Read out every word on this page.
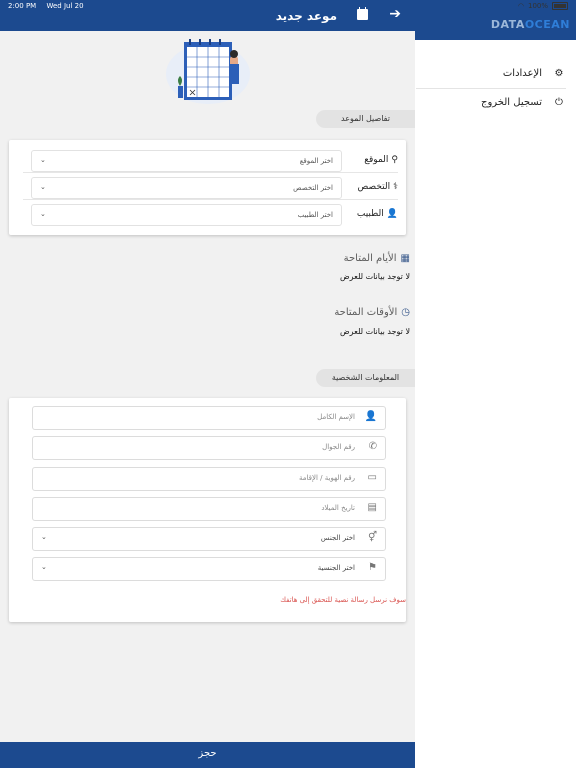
2:00 PM Wed Jul 20	◠ 100%
DATAOCEAN
⚙
الإعدادات
⏻
تسجيل الخروج
موعد جديد	➔
تفاصيل الموعد
⚲
الموقع
اختر الموقع
⌄
⚕
التخصص
اختر التخصص
⌄
👤
الطبيب
اختر الطبيب
⌄
▦
الأيام المتاحة
لا توجد بيانات للعرض
◷
الأوقات المتاحة
لا توجد بيانات للعرض
المعلومات الشخصية
👤
الإسم الكامل
✆
رقم الجوال
▭
رقم الهوية / الإقامة
▤
تاريخ الميلاد
⚥
اختر الجنس
⌄
⚑
اختر الجنسية
⌄
سوف نرسل رسالة نصية للتحقق إلى هاتفك
حجز
